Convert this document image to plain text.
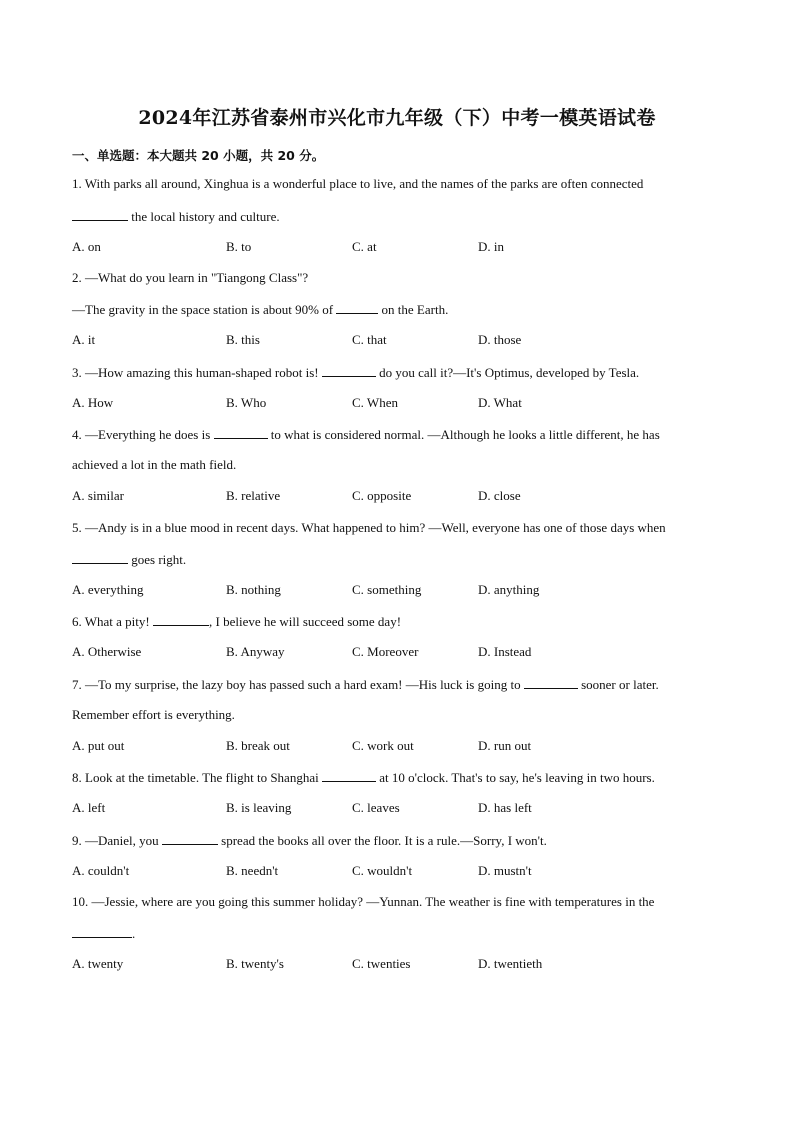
2024年江苏省泰州市兴化市九年级（下）中考一模英语试卷
一、单选题：本大题共 20 小题，共 20 分。
1. With parks all around, Xinghua is a wonderful place to live, and the names of the parks are often connected
the local history and culture.
A. on	B. to	C. at	D. in
2. —What do you learn in "Tiangong Class"?
—The gravity in the space station is about 90% of	on the Earth.
A. it	B. this	C. that	D. those
3. —How amazing this human-shaped robot is!	do you call it?—It's Optimus, developed by Tesla.
A. How	B. Who	C. When	D. What
4. —Everything he does is	to what is considered normal. —Although he looks a little different, he has
achieved a lot in the math field.
A. similar	B. relative	C. opposite	D. close
5. —Andy is in a blue mood in recent days. What happened to him? —Well, everyone has one of those days when
goes right.
A. everything	B. nothing	C. something	D. anything
6. What a pity!	, I believe he will succeed some day!
A. Otherwise	B. Anyway	C. Moreover	D. Instead
7. —To my surprise, the lazy boy has passed such a hard exam! —His luck is going to	sooner or later.
Remember effort is everything.
A. put out	B. break out	C. work out	D. run out
8. Look at the timetable. The flight to Shanghai	at 10 o'clock. That's to say, he's leaving in two hours.
A. left	B. is leaving	C. leaves	D. has left
9. —Daniel, you	spread the books all over the floor. It is a rule.—Sorry, I won't.
A. couldn't	B. needn't	C. wouldn't	D. mustn't
10. —Jessie, where are you going this summer holiday? —Yunnan. The weather is fine with temperatures in the
.
A. twenty	B. twenty's	C. twenties	D. twentieth
